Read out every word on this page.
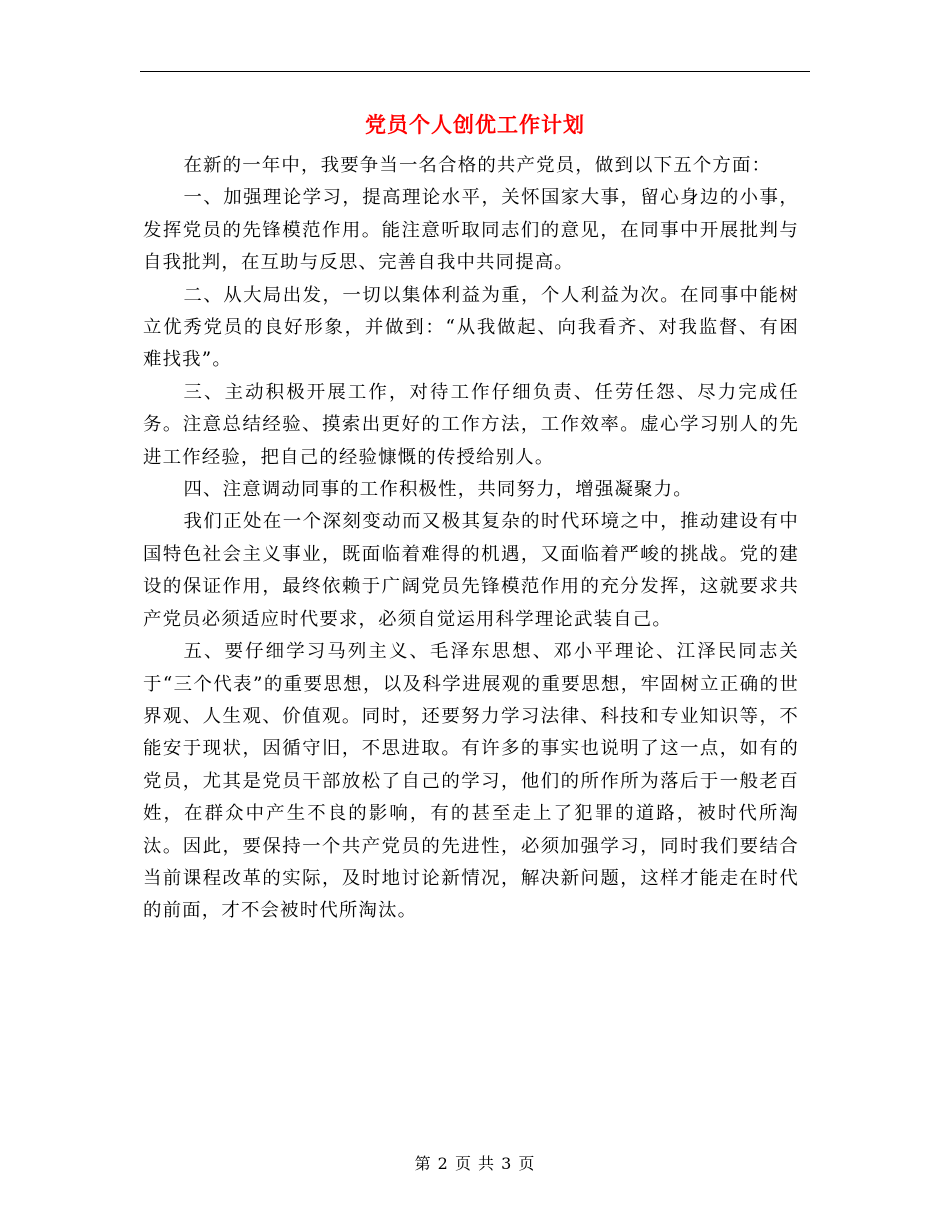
党员个人创优工作计划

在新的一年中，我要争当一名合格的共产党员，做到以下五个方面：

一、加强理论学习，提高理论水平，关怀国家大事，留心身边的小事，发挥党员的先锋模范作用。能注意听取同志们的意见，在同事中开展批判与自我批判，在互助与反思、完善自我中共同提高。

二、从大局出发，一切以集体利益为重，个人利益为次。在同事中能树立优秀党员的良好形象，并做到：“从我做起、向我看齐、对我监督、有困难找我”。

三、主动积极开展工作，对待工作仔细负责、任劳任怨、尽力完成任务。注意总结经验、摸索出更好的工作方法，工作效率。虚心学习别人的先进工作经验，把自己的经验慷慨的传授给别人。

四、注意调动同事的工作积极性，共同努力，增强凝聚力。

我们正处在一个深刻变动而又极其复杂的时代环境之中，推动建设有中国特色社会主义事业，既面临着难得的机遇，又面临着严峻的挑战。党的建设的保证作用，最终依赖于广阔党员先锋模范作用的充分发挥，这就要求共产党员必须适应时代要求，必须自觉运用科学理论武装自己。

五、要仔细学习马列主义、毛泽东思想、邓小平理论、江泽民同志关于“三个代表”的重要思想，以及科学进展观的重要思想，牢固树立正确的世界观、人生观、价值观。同时，还要努力学习法律、科技和专业知识等，不能安于现状，因循守旧，不思进取。有许多的事实也说明了这一点，如有的党员，尤其是党员干部放松了自己的学习，他们的所作所为落后于一般老百姓，在群众中产生不良的影响，有的甚至走上了犯罪的道路，被时代所淘汰。因此，要保持一个共产党员的先进性，必须加强学习，同时我们要结合当前课程改革的实际，及时地讨论新情况，解决新问题，这样才能走在时代的前面，才不会被时代所淘汰。

第 2 页 共 3 页
